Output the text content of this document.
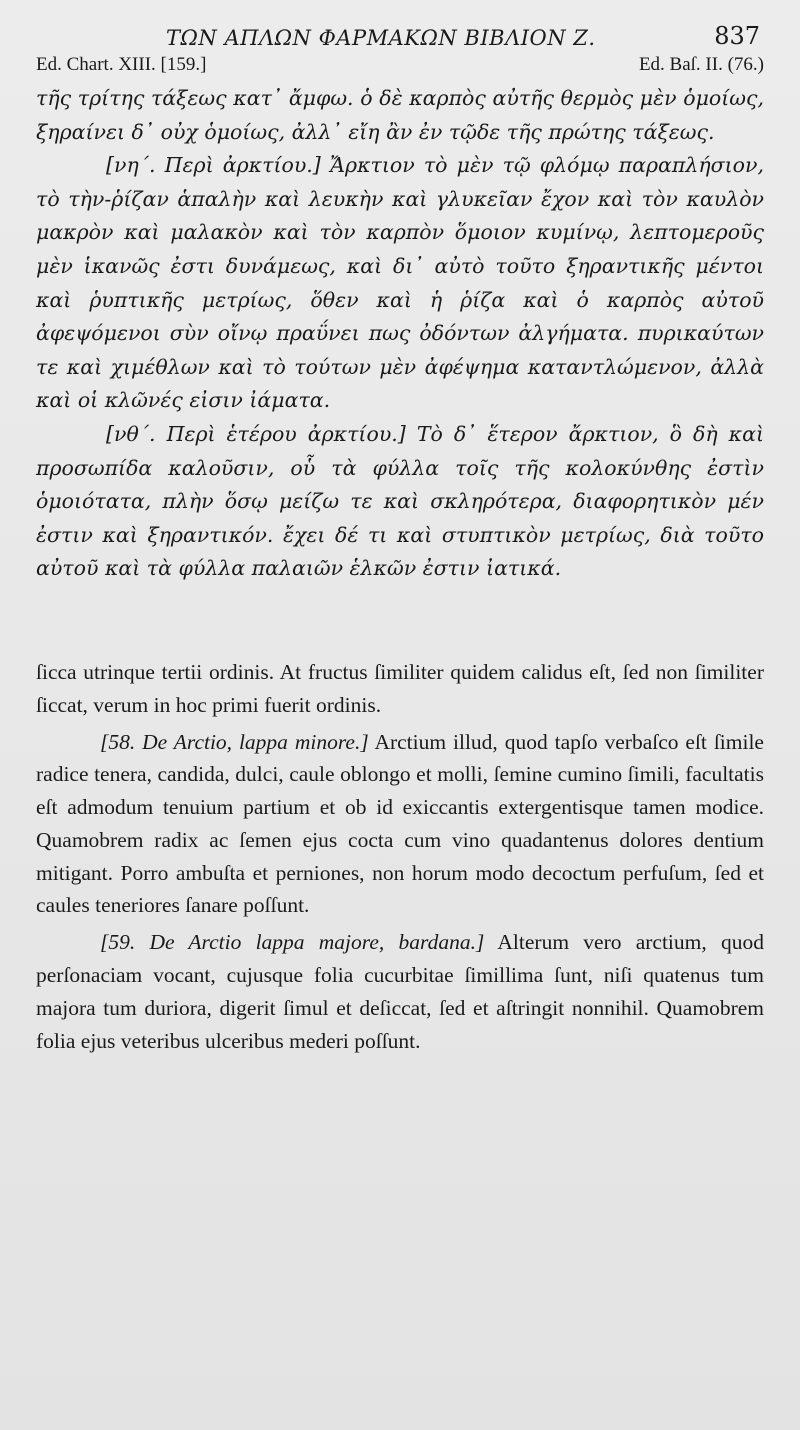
ΤΩΝ ΑΠΛΩΝ ΦΑΡΜΑΚΩΝ ΒΙΒΛΙΟΝ Ζ.	837
Ed. Chart. XIII. [159.]	Ed. Baſ. II. (76.)

τῆς τρίτης τάξεως κατ᾽ ἄμφω. ὁ δὲ καρπὸς αὐτῆς θερμὸς μὲν ὁμοίως, ξηραίνει δ᾽ οὐχ ὁμοίως, ἀλλ᾽ εἴη ἂν ἐν τῷδε τῆς πρώτης τάξεως.

[νη΄. Περὶ ἀρκτίου.] Ἄρκτιον τὸ μὲν τῷ φλόμῳ παραπλήσιον, τὸ τὴν-ῥίζαν ἁπαλὴν καὶ λευκὴν καὶ γλυκεῖαν ἔχον καὶ τὸν καυλὸν μακρὸν καὶ μαλακὸν καὶ τὸν καρπὸν ὅμοιον κυμίνῳ, λεπτομεροῦς μὲν ἱκανῶς ἐστι δυνάμεως, καὶ δι᾽ αὐτὸ τοῦτο ξηραντικῆς μέντοι καὶ ῥυπτικῆς μετρίως, ὅθεν καὶ ἡ ῥίζα καὶ ὁ καρπὸς αὐτοῦ ἀφεψόμενοι σὺν οἴνῳ πραΰνει πως ὀδόντων ἀλγήματα. πυρικαύτων τε καὶ χιμέθλων καὶ τὸ τούτων μὲν ἀφέψημα καταντλώμενον, ἀλλὰ καὶ οἱ κλῶνές εἰσιν ἰάματα.

[νθ΄. Περὶ ἑτέρου ἀρκτίου.] Τὸ δ᾽ ἕτερον ἄρκτιον, ὃ δὴ καὶ προσωπίδα καλοῦσιν, οὗ τὰ φύλλα τοῖς τῆς κολοκύνθης ἐστὶν ὁμοιότατα, πλὴν ὅσῳ μείζω τε καὶ σκληρότερα, διαφορητικὸν μέν ἐστιν καὶ ξηραντικόν. ἔχει δέ τι καὶ στυπτικὸν μετρίως, διὰ τοῦτο αὐτοῦ καὶ τὰ φύλλα παλαιῶν ἑλκῶν ἐστιν ἰατικά.

ſicca utrinque tertii ordinis. At fructus ſimiliter quidem calidus eſt, ſed non ſimiliter ſiccat, verum in hoc primi fuerit ordinis.

[58. De Arctio, lappa minore.] Arctium illud, quod tapſo verbaſco eſt ſimile radice tenera, candida, dulci, caule oblongo et molli, ſemine cumino ſimili, facultatis eſt admodum tenuium partium et ob id exiccantis extergentisque tamen modice. Quamobrem radix ac ſemen ejus cocta cum vino quadantenus dolores dentium mitigant. Porro ambuſta et perniones, non horum modo decoctum perfuſum, ſed et caules teneriores ſanare poſſunt.

[59. De Arctio lappa majore, bardana.] Alterum vero arctium, quod perſonaciam vocant, cujusque folia cucurbitae ſimillima ſunt, niſi quatenus tum majora tum duriora, digerit ſimul et deſiccat, ſed et aſtringit nonnihil. Quamobrem folia ejus veteribus ulceribus mederi poſſunt.
